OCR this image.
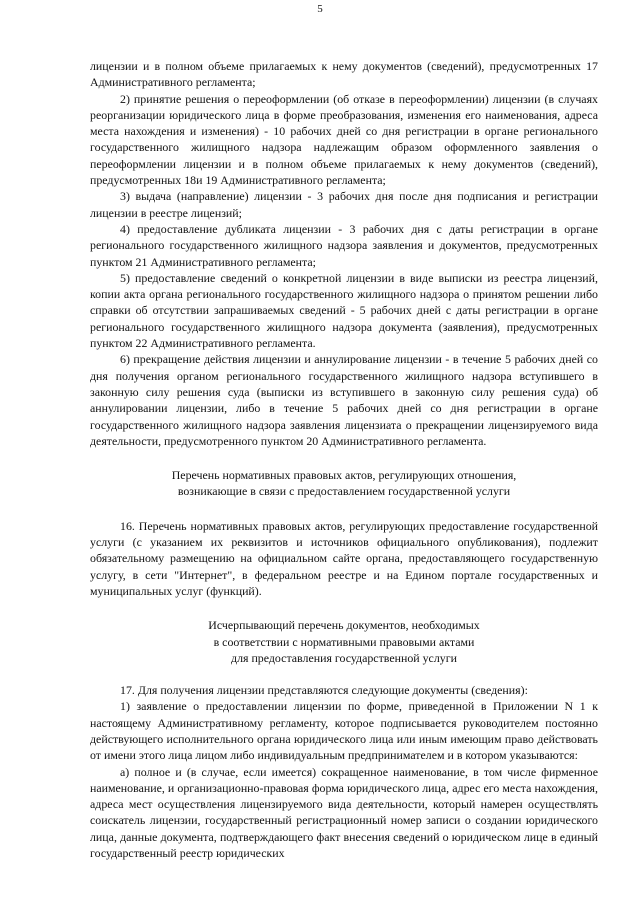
5

лицензии и в полном объеме прилагаемых к нему документов (сведений), предусмотренных 17 Административного регламента;

2) принятие решения о переоформлении (об отказе в переоформлении) лицензии (в случаях реорганизации юридического лица в форме преобразования, изменения его наименования, адреса места нахождения и изменения) - 10 рабочих дней со дня регистрации в органе регионального государственного жилищного надзора надлежащим образом оформленного заявления о переоформлении лицензии и в полном объеме прилагаемых к нему документов (сведений), предусмотренных 18и 19 Административного регламента;

3) выдача (направление) лицензии - 3 рабочих дня после дня подписания и регистрации лицензии в реестре лицензий;

4) предоставление дубликата лицензии - 3 рабочих дня с даты регистрации в органе регионального государственного жилищного надзора заявления и документов, предусмотренных пунктом 21 Административного регламента;

5) предоставление сведений о конкретной лицензии в виде выписки из реестра лицензий, копии акта органа регионального государственного жилищного надзора о принятом решении либо справки об отсутствии запрашиваемых сведений - 5 рабочих дней с даты регистрации в органе регионального государственного жилищного надзора документа (заявления), предусмотренных пунктом 22 Административного регламента.

6) прекращение действия лицензии и аннулирование лицензии - в течение 5 рабочих дней со дня получения органом регионального государственного жилищного надзора вступившего в законную силу решения суда (выписки из вступившего в законную силу решения суда) об аннулировании лицензии, либо в течение 5 рабочих дней со дня регистрации в органе государственного жилищного надзора заявления лицензиата о прекращении лицензируемого вида деятельности, предусмотренного пунктом 20 Административного регламента.

Перечень нормативных правовых актов, регулирующих отношения,

возникающие в связи с предоставлением государственной услуги

16. Перечень нормативных правовых актов, регулирующих предоставление государственной услуги (с указанием их реквизитов и источников официального опубликования), подлежит обязательному размещению на официальном сайте органа, предоставляющего государственную услугу, в сети "Интернет", в федеральном реестре и на Едином портале государственных и муниципальных услуг (функций).

Исчерпывающий перечень документов, необходимых

в соответствии с нормативными правовыми актами

для предоставления государственной услуги

17. Для получения лицензии представляются следующие документы (сведения):

1) заявление о предоставлении лицензии по форме, приведенной в Приложении N 1 к настоящему Административному регламенту, которое подписывается руководителем постоянно действующего исполнительного органа юридического лица или иным имеющим право действовать от имени этого лица лицом либо индивидуальным предпринимателем и в котором указываются:

а) полное и (в случае, если имеется) сокращенное наименование, в том числе фирменное наименование, и организационно-правовая форма юридического лица, адрес его места нахождения, адреса мест осуществления лицензируемого вида деятельности, который намерен осуществлять соискатель лицензии, государственный регистрационный номер записи о создании юридического лица, данные документа, подтверждающего факт внесения сведений о юридическом лице в единый государственный реестр юридических
